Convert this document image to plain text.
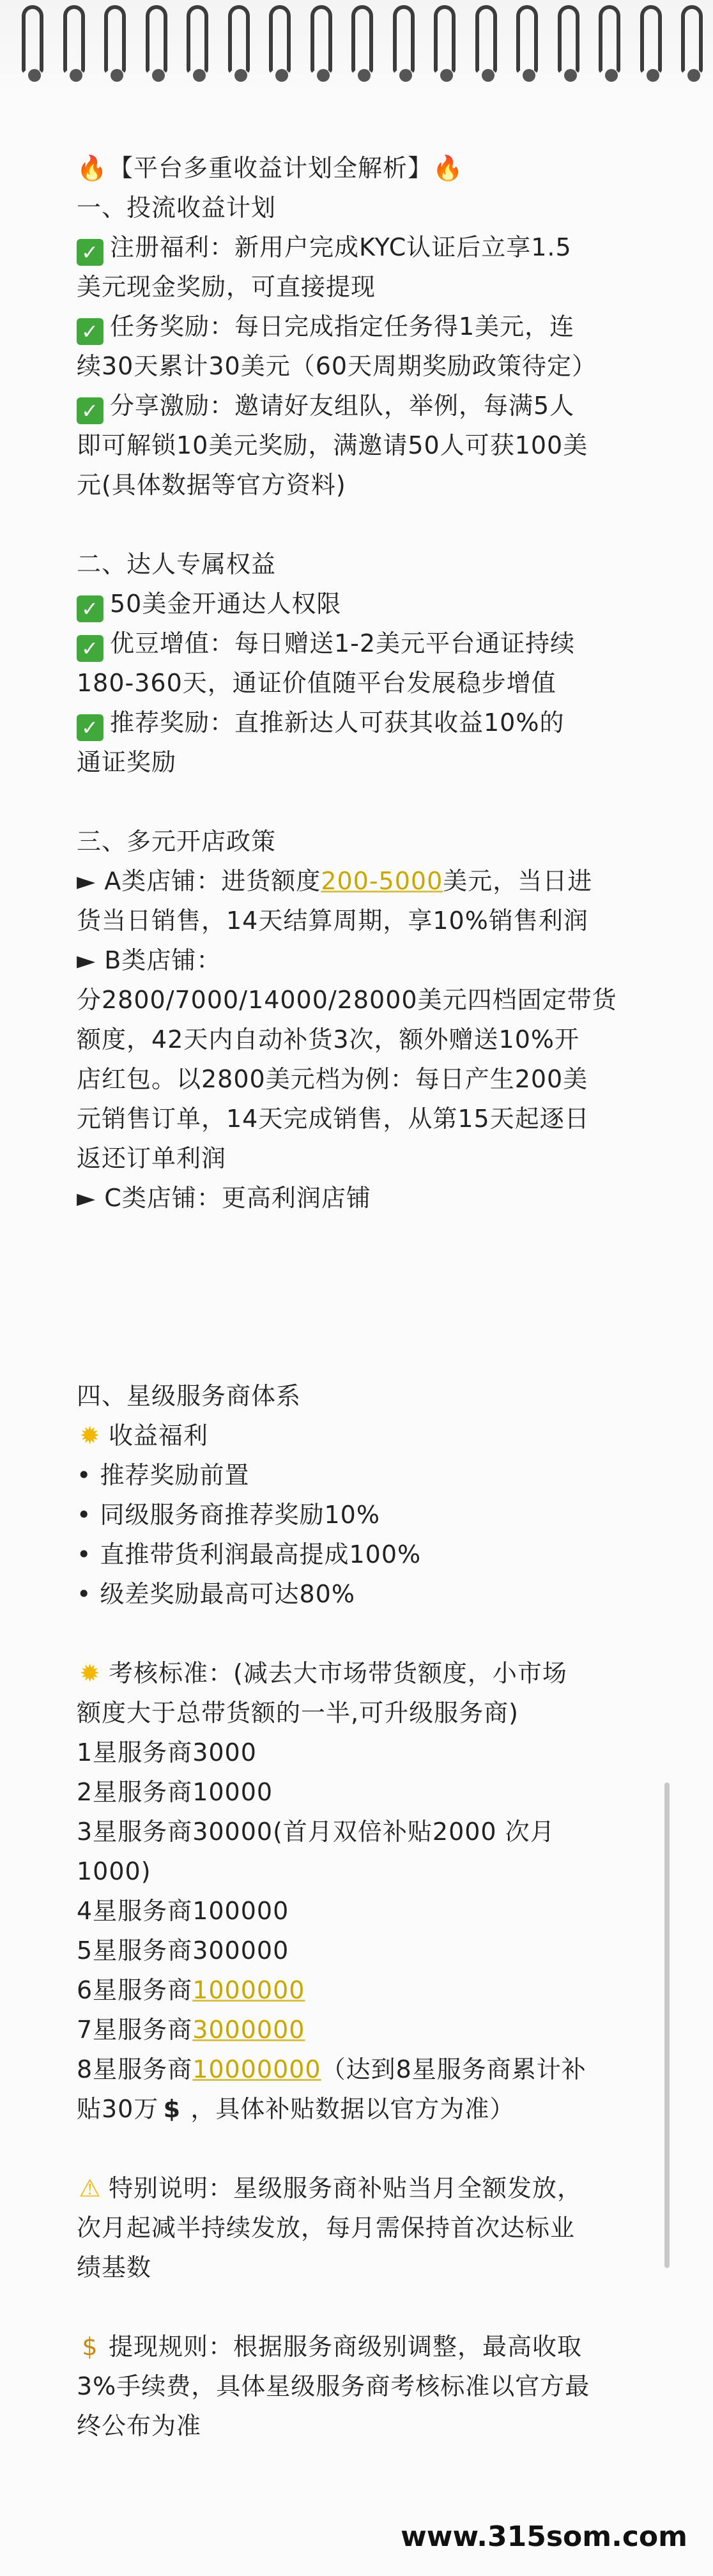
🔥【平台多重收益计划全解析】🔥
一、投流收益计划
✓ 注册福利：新用户完成KYC认证后立享1.5
美元现金奖励，可直接提现
✓ 任务奖励：每日完成指定任务得1美元，连
续30天累计30美元（60天周期奖励政策待定）
✓ 分享激励：邀请好友组队，举例，每满5人
即可解锁10美元奖励，满邀请50人可获100美
元(具体数据等官方资料)
二、达人专属权益
✓ 50美金开通达人权限
✓ 优豆增值：每日赠送1-2美元平台通证持续
180-360天，通证价值随平台发展稳步增值
✓ 推荐奖励：直推新达人可获其收益10%的
通证奖励
三、多元开店政策
► A类店铺：进货额度200-5000美元，当日进
货当日销售，14天结算周期，享10%销售利润
► B类店铺：
分2800/7000/14000/28000美元四档固定带货
额度，42天内自动补货3次，额外赠送10%开
店红包。以2800美元档为例：每日产生200美
元销售订单，14天完成销售，从第15天起逐日
返还订单利润
► C类店铺：更高利润店铺
四、星级服务商体系
✹ 收益福利
• 推荐奖励前置
• 同级服务商推荐奖励10%
• 直推带货利润最高提成100%
• 级差奖励最高可达80%
✹ 考核标准：(减去大市场带货额度，小市场
额度大于总带货额的一半,可升级服务商)
1星服务商3000
2星服务商10000
3星服务商30000(首月双倍补贴2000 次月
1000)
4星服务商100000
5星服务商300000
6星服务商1000000
7星服务商3000000
8星服务商10000000（达到8星服务商累计补
贴30万 $ ，具体补贴数据以官方为准）
⚠ 特别说明：星级服务商补贴当月全额发放，
次月起减半持续发放，每月需保持首次达标业
绩基数
$ 提现规则：根据服务商级别调整，最高收取
3%手续费，具体星级服务商考核标准以官方最
终公布为准
www.315som.com
